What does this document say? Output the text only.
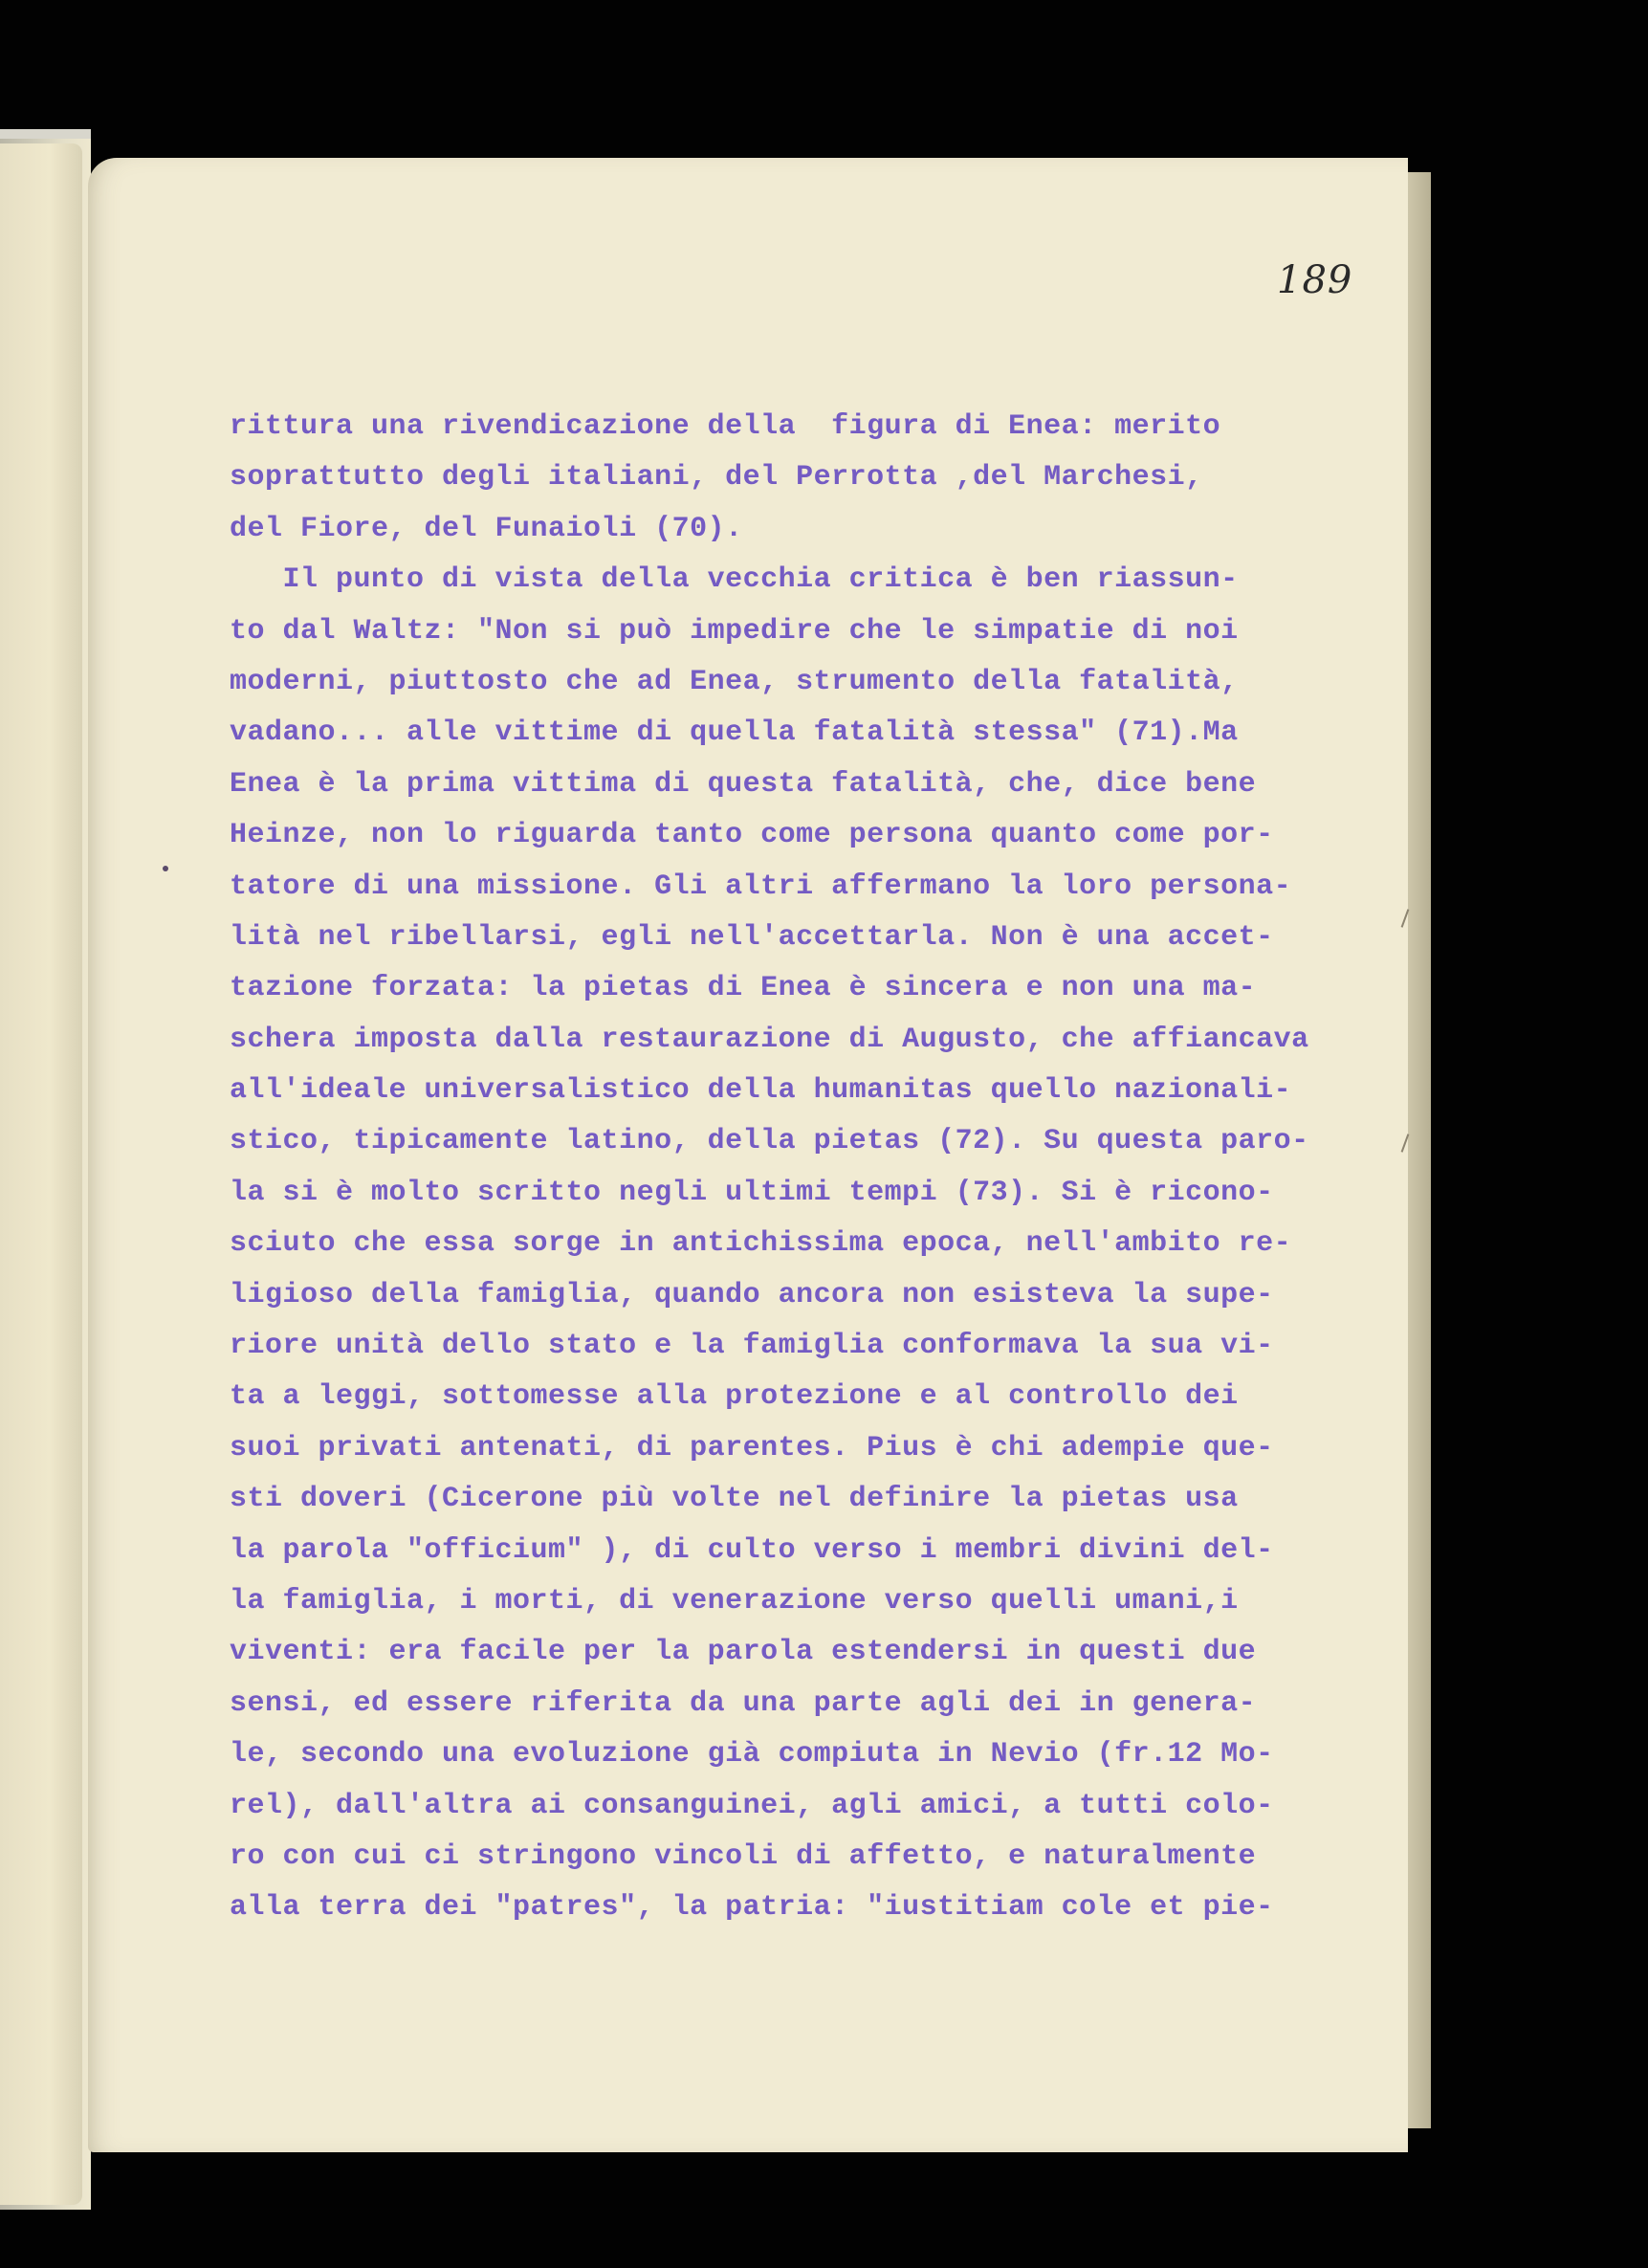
189
rittura una rivendicazione della  figura di Enea: merito
soprattutto degli italiani, del Perrotta ,del Marchesi,
del Fiore, del Funaioli (70).
Il punto di vista della vecchia critica è ben riassun-
to dal Waltz: "Non si può impedire che le simpatie di noi
moderni, piuttosto che ad Enea, strumento della fatalità,
vadano... alle vittime di quella fatalità stessa" (71).Ma
Enea è la prima vittima di questa fatalità, che, dice bene
Heinze, non lo riguarda tanto come persona quanto come por-
tatore di una missione. Gli altri affermano la loro persona-
lità nel ribellarsi, egli nell'accettarla. Non è una accet-
tazione forzata: la pietas di Enea è sincera e non una ma-
schera imposta dalla restaurazione di Augusto, che affiancava
all'ideale universalistico della humanitas quello nazionali-
stico, tipicamente latino, della pietas (72). Su questa paro-
la si è molto scritto negli ultimi tempi (73). Si è ricono-
sciuto che essa sorge in antichissima epoca, nell'ambito re-
ligioso della famiglia, quando ancora non esisteva la supe-
riore unità dello stato e la famiglia conformava la sua vi-
ta a leggi, sottomesse alla protezione e al controllo dei
suoi privati antenati, di parentes. Pius è chi adempie que-
sti doveri (Cicerone più volte nel definire la pietas usa
la parola "officium" ), di culto verso i membri divini del-
la famiglia, i morti, di venerazione verso quelli umani,i
viventi: era facile per la parola estendersi in questi due
sensi, ed essere riferita da una parte agli dei in genera-
le, secondo una evoluzione già compiuta in Nevio (fr.12 Mo-
rel), dall'altra ai consanguinei, agli amici, a tutti colo-
ro con cui ci stringono vincoli di affetto, e naturalmente
alla terra dei "patres", la patria: "iustitiam cole et pie-
